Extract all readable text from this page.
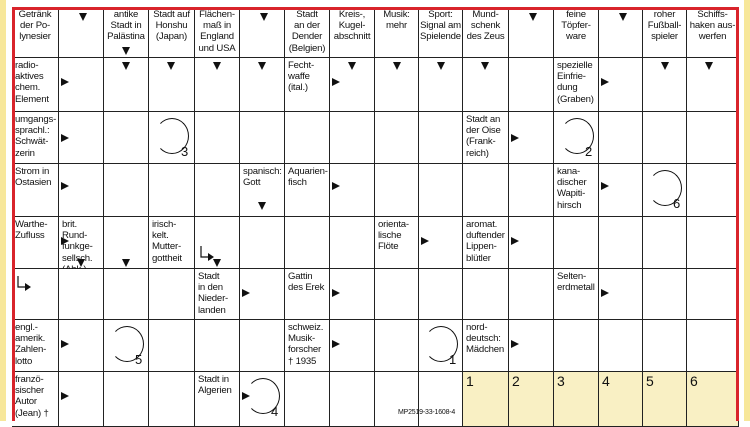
Getränk
der Po-
lynesier
antike
Stadt in
Palästina
Stadt auf
Honshu
(Japan)
Flächen-
maß in
England
und USA
Stadt
an der
Dender
(Belgien)
Kreis-,
Kugel-
abschnitt
Musik:
mehr
Sport:
Signal am
Spielende
Mund-
schenk
des Zeus
feine
Töpfer-
ware
roher
Fußball-
spieler
Schiffs-
haken aus-
werfen
radio-
aktives
chem.
Element
Fecht-
waffe
(ital.)
spezielle
Einfrie-
dung
(Graben)
umgangs-
sprachl.:
Schwät-
zerin
Stadt an
der Oise
(Frank-
reich)
Strom in
Ostasien
spanisch:
Gott
Aquarien-
fisch
kana-
discher
Wapiti-
hirsch
Warthe-
Zufluss
brit. Rund-
funkge-
sellsch.

irisch-
kelt.
Mutter-
gottheit
orienta-
lische
Flöte
aromat.
duftender
Lippen-
blütler
Stadt
in den
Nieder-
landen
Gattin
des Erek
Selten-
erdmetall
engl.-
amerik.
Zahlen-
lotto
schweiz.
Musik-
forscher
† 1935
nord-
deutsch:
Mädchen
franzö-
sischer
Autor
(Jean) †
Stadt in
Algerien
1	2	3	4	5	6
3	2
6
5	1
4	MP2519-33-1608-4
